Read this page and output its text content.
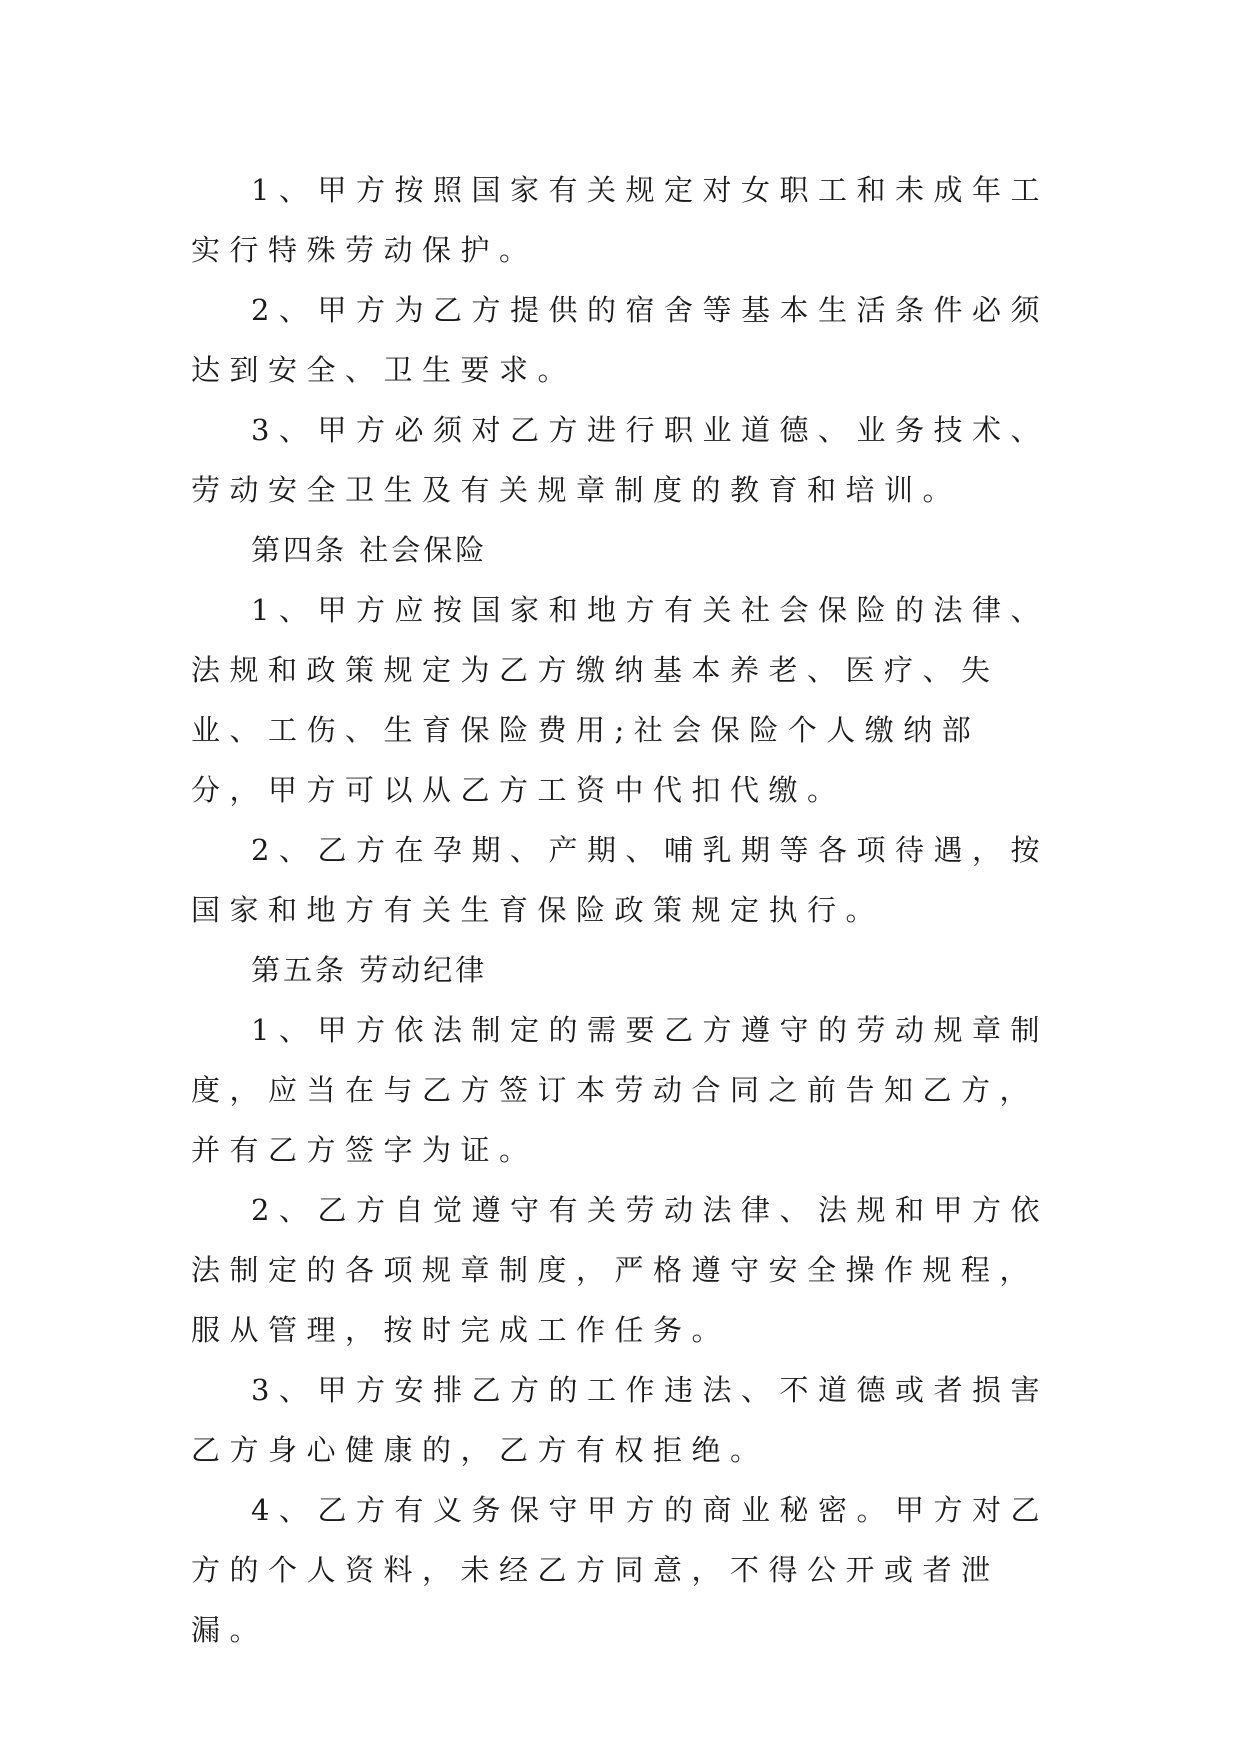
1、甲方按照国家有关规定对女职工和未成年工实行特殊劳动保护。

2、甲方为乙方提供的宿舍等基本生活条件必须达到安全、卫生要求。

3、甲方必须对乙方进行职业道德、业务技术、劳动安全卫生及有关规章制度的教育和培训。

第四条 社会保险

1、甲方应按国家和地方有关社会保险的法律、法规和政策规定为乙方缴纳基本养老、医疗、失业、工伤、生育保险费用;社会保险个人缴纳部分，甲方可以从乙方工资中代扣代缴。

2、乙方在孕期、产期、哺乳期等各项待遇，按国家和地方有关生育保险政策规定执行。

第五条 劳动纪律

1、甲方依法制定的需要乙方遵守的劳动规章制度，应当在与乙方签订本劳动合同之前告知乙方，并有乙方签字为证。

2、乙方自觉遵守有关劳动法律、法规和甲方依法制定的各项规章制度，严格遵守安全操作规程，服从管理，按时完成工作任务。

3、甲方安排乙方的工作违法、不道德或者损害乙方身心健康的，乙方有权拒绝。

4、乙方有义务保守甲方的商业秘密。甲方对乙方的个人资料，未经乙方同意，不得公开或者泄漏。
